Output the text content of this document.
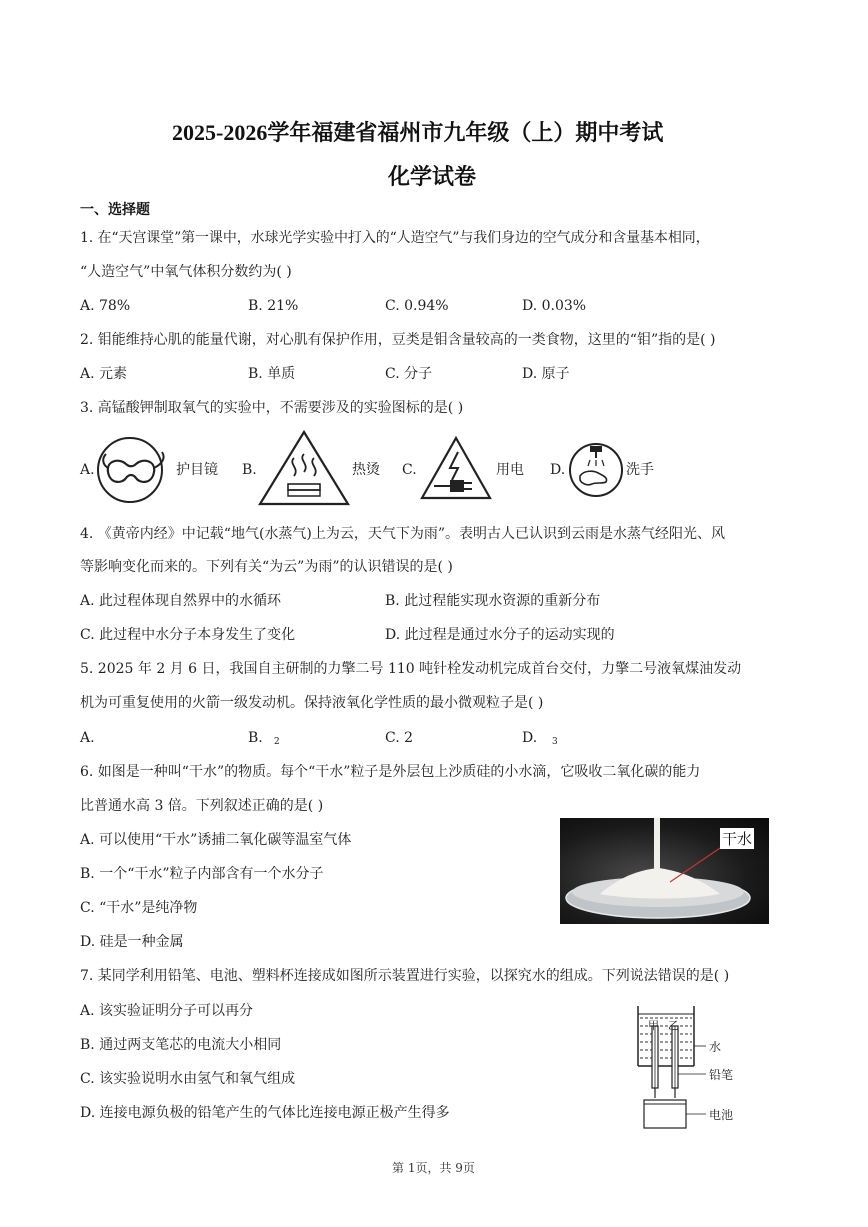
2025-2026学年福建省福州市九年级（上）期中考试
化学试卷
一、选择题
1. 在“天宫课堂”第一课中，水球光学实验中打入的“人造空气”与我们身边的空气成分和含量基本相同，
“人造空气”中氧气体积分数约为( )
A. 78%	B. 21%	C. 0.94%	D. 0.03%
2. 钼能维持心肌的能量代谢，对心肌有保护作用，豆类是钼含量较高的一类食物，这里的“钼”指的是( )
A. 元素	B. 单质	C. 分子	D. 原子
3. 高锰酸钾制取氧气的实验中，不需要涉及的实验图标的是( )
A.	护目镜 B.	热烫 C.	用电 D.	洗手
4. 《黄帝内经》中记载“地气(水蒸气)上为云，天气下为雨”。表明古人已认识到云雨是水蒸气经阳光、风
等影响变化而来的。下列有关“为云”为雨”的认识错误的是( )
A. 此过程体现自然界中的水循环	B. 此过程能实现水资源的重新分布
C. 此过程中水分子本身发生了变化	D. 此过程是通过水分子的运动实现的
5. 2025 年 2 月 6 日，我国自主研制的力擎二号 110 吨针栓发动机完成首台交付，力擎二号液氧煤油发动
机为可重复使用的火箭一级发动机。保持液氧化学性质的最小微观粒子是( )
A.	B. 2	C. 2	D. 3
6. 如图是一种叫“干水”的物质。每个“干水”粒子是外层包上沙质硅的小水滴，它吸收二氧化碳的能力
比普通水高 3 倍。下列叙述正确的是( )
A. 可以使用“干水”诱捕二氧化碳等温室气体
B. 一个“干水”粒子内部含有一个水分子
C. “干水”是纯净物
D. 硅是一种金属
干水
7. 某同学利用铅笔、电池、塑料杯连接成如图所示装置进行实验，以探究水的组成。下列说法错误的是( )
A. 该实验证明分子可以再分
B. 通过两支笔芯的电流大小相同
C. 该实验说明水由氢气和氧气组成
D. 连接电源负极的铅笔产生的气体比连接电源正极产生得多
甲 乙
水
铅笔
电池
第 1页，共 9页
